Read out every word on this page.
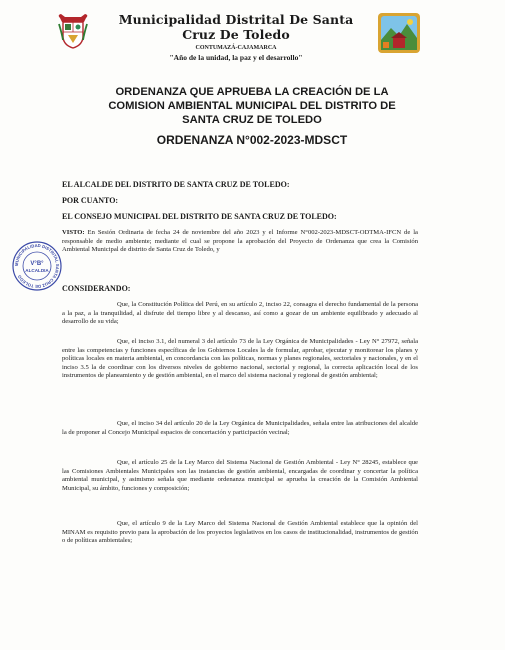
Municipalidad Distrital De Santa Cruz De Toledo
CONTUMAZÁ-CAJAMARCA
"Año de la unidad, la paz y el desarrollo"
ORDENANZA QUE APRUEBA LA CREACIÓN DE LA COMISION AMBIENTAL MUNICIPAL DEL DISTRITO DE SANTA CRUZ DE TOLEDO
ORDENANZA N°002-2023-MDSCT
EL ALCALDE DEL DISTRITO DE SANTA CRUZ DE TOLEDO:
POR CUANTO:
EL CONSEJO MUNICIPAL DEL DISTRITO DE SANTA CRUZ DE TOLEDO:
MUNICIPALIDAD DISTRITAL SANTA CRUZ DE TOLEDO
V°B°
ALCALDIA
VISTO: En Sesión Ordinaria de fecha 24 de noviembre del año 2023 y el Informe N°002-2023-MDSCT-ODTMA-IFCN de la responsable de medio ambiente; mediante el cual se propone la aprobación del Proyecto de Ordenanza que crea la Comisión Ambiental Municipal de distrito de Santa Cruz de Toledo, y
CONSIDERANDO:
Que, la Constitución Política del Perú, en su artículo 2, inciso 22, consagra el derecho fundamental de la persona a la paz, a la tranquilidad, al disfrute del tiempo libre y al descanso, así como a gozar de un ambiente equilibrado y adecuado al desarrollo de su vida;
Que, el inciso 3.1, del numeral 3 del artículo 73 de la Ley Orgánica de Municipalidades - Ley N° 27972, señala entre las competencias y funciones específicas de los Gobiernos Locales la de formular, aprobar, ejecutar y monitorear los planes y políticas locales en materia ambiental, en concordancia con las políticas, normas y planes regionales, sectoriales y nacionales, y en el inciso 3.5 la de coordinar con los diversos niveles de gobierno nacional, sectorial y regional, la correcta aplicación local de los instrumentos de planeamiento y de gestión ambiental, en el marco del sistema nacional y regional de gestión ambiental;
Que, el inciso 34 del artículo 20 de la Ley Orgánica de Municipalidades, señala entre las atribuciones del alcalde la de proponer al Concejo Municipal espacios de concertación y participación vecinal;
Que, el artículo 25 de la Ley Marco del Sistema Nacional de Gestión Ambiental - Ley N° 28245, establece que las Comisiones Ambientales Municipales son las instancias de gestión ambiental, encargadas de coordinar y concertar la política ambiental municipal, y asimismo señala que mediante ordenanza municipal se aprueba la creación de la Comisión Ambiental Municipal, su ámbito, funciones y composición;
Que, el artículo 9 de la Ley Marco del Sistema Nacional de Gestión Ambiental establece que la opinión del MINAM es requisito previo para la aprobación de los proyectos legislativos en los casos de institucionalidad, instrumentos de gestión o de políticas ambientales;
